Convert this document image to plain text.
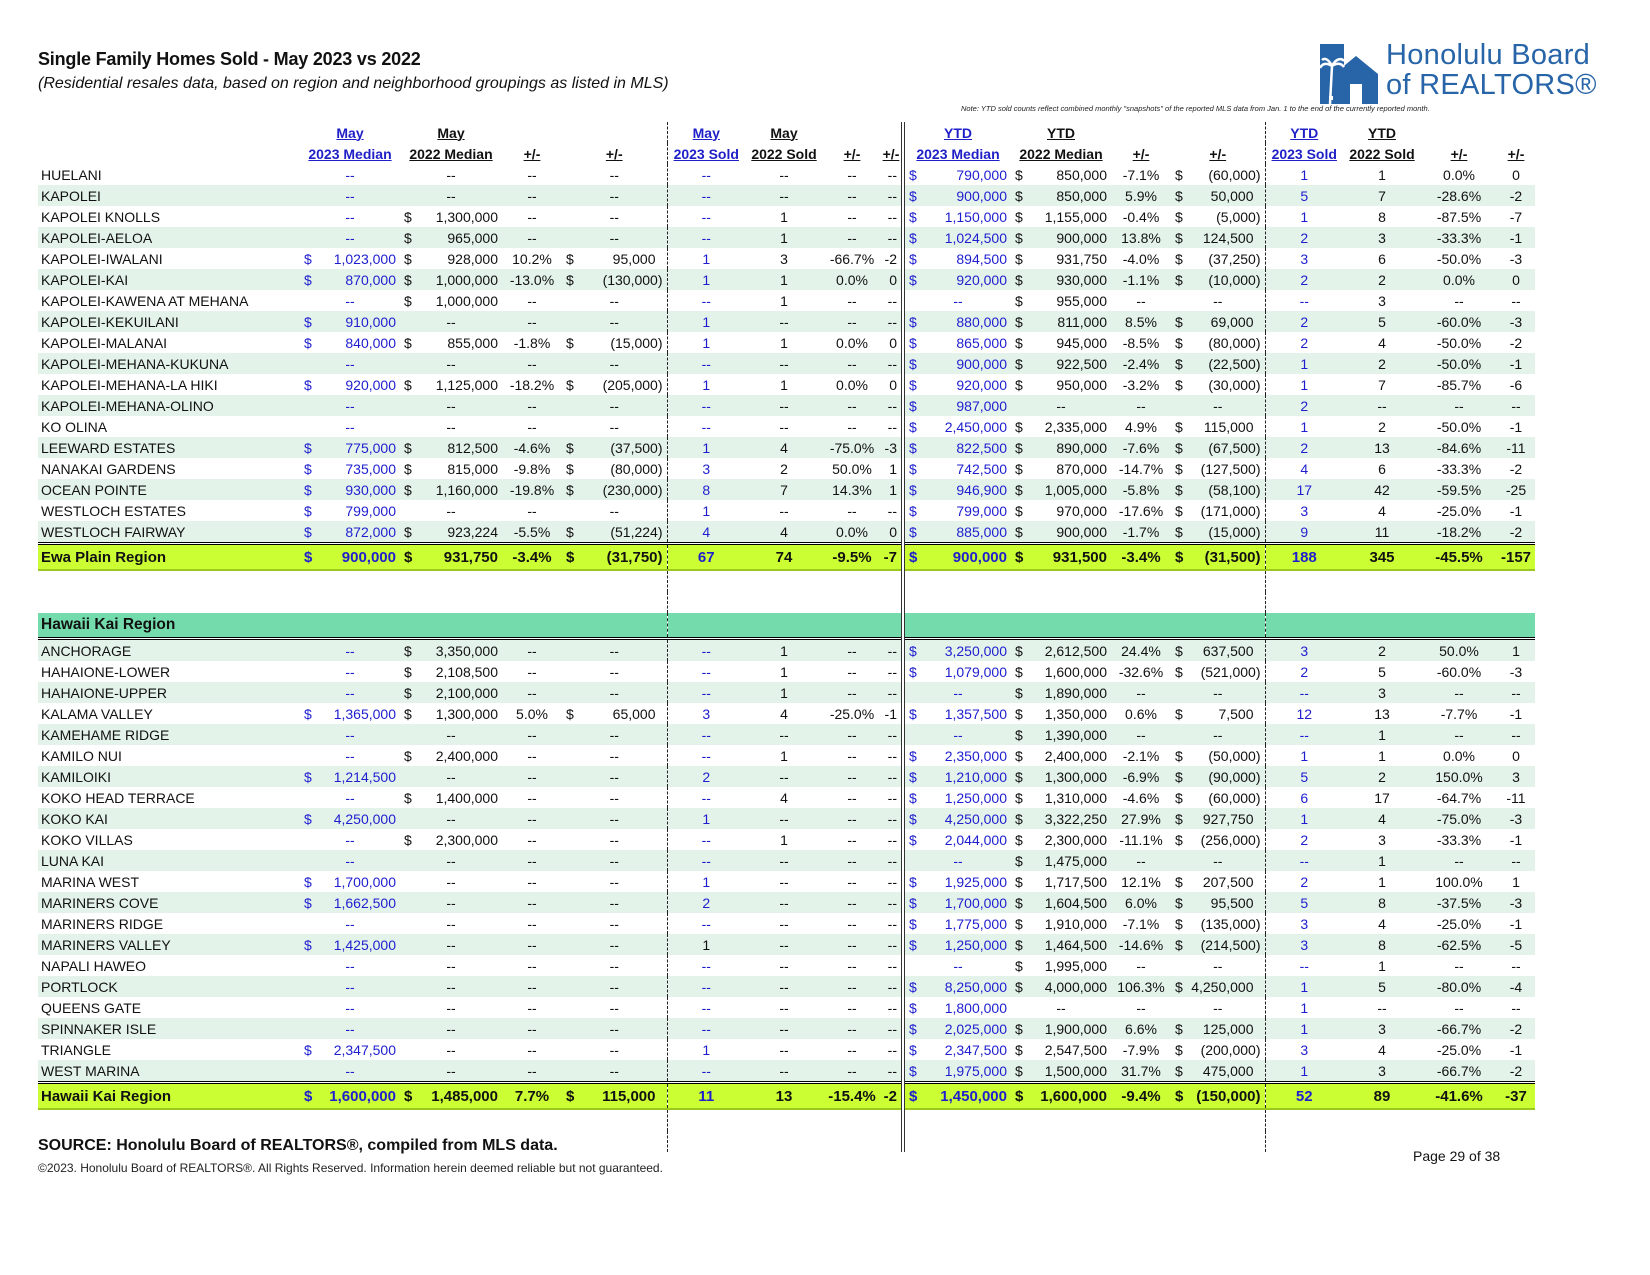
Single Family Homes Sold - May 2023 vs 2022
(Residential resales data, based on region and neighborhood groupings as listed in MLS)
Honolulu Board
of REALTORS®
Note: YTD sold counts reflect combined monthly "snapshots" of the reported MLS data from Jan. 1 to the end of the currently reported month.
	May	May			May	May			YTD	YTD			YTD	YTD		
	2023 Median	2022 Median	+/-	+/-	2023 Sold	2022 Sold	+/-	+/-	2023 Median	2022 Median	+/-	+/-	2023 Sold	2022 Sold	+/-	+/-
HUELANI	--	--	--	--	--	--	--	--	$ 790,000	$ 850,000	-7.1%	$ (60,000)	1	1	0.0%	0
KAPOLEI	--	--	--	--	--	--	--	--	$ 900,000	$ 850,000	5.9%	$ 50,000	5	7	-28.6%	-2
KAPOLEI KNOLLS	--	$ 1,300,000	--	--	--	1	--	--	$ 1,150,000	$ 1,155,000	-0.4%	$ (5,000)	1	8	-87.5%	-7
KAPOLEI-AELOA	--	$ 965,000	--	--	--	1	--	--	$ 1,024,500	$ 900,000	13.8%	$ 124,500	2	3	-33.3%	-1
KAPOLEI-IWALANI	$ 1,023,000	$ 928,000	10.2%	$ 95,000	1	3	-66.7%	-2	$ 894,500	$ 931,750	-4.0%	$ (37,250)	3	6	-50.0%	-3
KAPOLEI-KAI	$ 870,000	$ 1,000,000	-13.0%	$ (130,000)	1	1	0.0%	0	$ 920,000	$ 930,000	-1.1%	$ (10,000)	2	2	0.0%	0
KAPOLEI-KAWENA AT MEHANA	--	$ 1,000,000	--	--	--	1	--	--	--	$ 955,000	--	--	--	3	--	--
KAPOLEI-KEKUILANI	$ 910,000	--	--	--	1	--	--	--	$ 880,000	$ 811,000	8.5%	$ 69,000	2	5	-60.0%	-3
KAPOLEI-MALANAI	$ 840,000	$ 855,000	-1.8%	$ (15,000)	1	1	0.0%	0	$ 865,000	$ 945,000	-8.5%	$ (80,000)	2	4	-50.0%	-2
KAPOLEI-MEHANA-KUKUNA	--	--	--	--	--	--	--	--	$ 900,000	$ 922,500	-2.4%	$ (22,500)	1	2	-50.0%	-1
KAPOLEI-MEHANA-LA HIKI	$ 920,000	$ 1,125,000	-18.2%	$ (205,000)	1	1	0.0%	0	$ 920,000	$ 950,000	-3.2%	$ (30,000)	1	7	-85.7%	-6
KAPOLEI-MEHANA-OLINO	--	--	--	--	--	--	--	--	$ 987,000	--	--	--	2	--	--	--
KO OLINA	--	--	--	--	--	--	--	--	$ 2,450,000	$ 2,335,000	4.9%	$ 115,000	1	2	-50.0%	-1
LEEWARD ESTATES	$ 775,000	$ 812,500	-4.6%	$ (37,500)	1	4	-75.0%	-3	$ 822,500	$ 890,000	-7.6%	$ (67,500)	2	13	-84.6%	-11
NANAKAI GARDENS	$ 735,000	$ 815,000	-9.8%	$ (80,000)	3	2	50.0%	1	$ 742,500	$ 870,000	-14.7%	$ (127,500)	4	6	-33.3%	-2
OCEAN POINTE	$ 930,000	$ 1,160,000	-19.8%	$ (230,000)	8	7	14.3%	1	$ 946,900	$ 1,005,000	-5.8%	$ (58,100)	17	42	-59.5%	-25
WESTLOCH ESTATES	$ 799,000	--	--	--	1	--	--	--	$ 799,000	$ 970,000	-17.6%	$ (171,000)	3	4	-25.0%	-1
WESTLOCH FAIRWAY	$ 872,000	$ 923,224	-5.5%	$ (51,224)	4	4	0.0%	0	$ 885,000	$ 900,000	-1.7%	$ (15,000)	9	11	-18.2%	-2
Ewa Plain Region	$ 900,000	$ 931,750	-3.4%	$ (31,750)	67	74	-9.5%	-7	$ 900,000	$ 931,500	-3.4%	$ (31,500)	188	345	-45.5%	-157

Hawaii Kai Region																
ANCHORAGE	--	$ 3,350,000	--	--	--	1	--	--	$ 3,250,000	$ 2,612,500	24.4%	$ 637,500	3	2	50.0%	1
HAHAIONE-LOWER	--	$ 2,108,500	--	--	--	1	--	--	$ 1,079,000	$ 1,600,000	-32.6%	$ (521,000)	2	5	-60.0%	-3
HAHAIONE-UPPER	--	$ 2,100,000	--	--	--	1	--	--	--	$ 1,890,000	--	--	--	3	--	--
KALAMA VALLEY	$ 1,365,000	$ 1,300,000	5.0%	$ 65,000	3	4	-25.0%	-1	$ 1,357,500	$ 1,350,000	0.6%	$ 7,500	12	13	-7.7%	-1
KAMEHAME RIDGE	--	--	--	--	--	--	--	--	--	$ 1,390,000	--	--	--	1	--	--
KAMILO NUI	--	$ 2,400,000	--	--	--	1	--	--	$ 2,350,000	$ 2,400,000	-2.1%	$ (50,000)	1	1	0.0%	0
KAMILOIKI	$ 1,214,500	--	--	--	2	--	--	--	$ 1,210,000	$ 1,300,000	-6.9%	$ (90,000)	5	2	150.0%	3
KOKO HEAD TERRACE	--	$ 1,400,000	--	--	--	4	--	--	$ 1,250,000	$ 1,310,000	-4.6%	$ (60,000)	6	17	-64.7%	-11
KOKO KAI	$ 4,250,000	--	--	--	1	--	--	--	$ 4,250,000	$ 3,322,250	27.9%	$ 927,750	1	4	-75.0%	-3
KOKO VILLAS	--	$ 2,300,000	--	--	--	1	--	--	$ 2,044,000	$ 2,300,000	-11.1%	$ (256,000)	2	3	-33.3%	-1
LUNA KAI	--	--	--	--	--	--	--	--	--	$ 1,475,000	--	--	--	1	--	--
MARINA WEST	$ 1,700,000	--	--	--	1	--	--	--	$ 1,925,000	$ 1,717,500	12.1%	$ 207,500	2	1	100.0%	1
MARINERS COVE	$ 1,662,500	--	--	--	2	--	--	--	$ 1,700,000	$ 1,604,500	6.0%	$ 95,500	5	8	-37.5%	-3
MARINERS RIDGE	--	--	--	--	--	--	--	--	$ 1,775,000	$ 1,910,000	-7.1%	$ (135,000)	3	4	-25.0%	-1
MARINERS VALLEY	$ 1,425,000	--	--	--	1	--	--	--	$ 1,250,000	$ 1,464,500	-14.6%	$ (214,500)	3	8	-62.5%	-5
NAPALI HAWEO	--	--	--	--	--	--	--	--	--	$ 1,995,000	--	--	--	1	--	--
PORTLOCK	--	--	--	--	--	--	--	--	$ 8,250,000	$ 4,000,000	106.3%	$ 4,250,000	1	5	-80.0%	-4
QUEENS GATE	--	--	--	--	--	--	--	--	$ 1,800,000	--	--	--	1	--	--	--
SPINNAKER ISLE	--	--	--	--	--	--	--	--	$ 2,025,000	$ 1,900,000	6.6%	$ 125,000	1	3	-66.7%	-2
TRIANGLE	$ 2,347,500	--	--	--	1	--	--	--	$ 2,347,500	$ 2,547,500	-7.9%	$ (200,000)	3	4	-25.0%	-1
WEST MARINA	--	--	--	--	--	--	--	--	$ 1,975,000	$ 1,500,000	31.7%	$ 475,000	1	3	-66.7%	-2
Hawaii Kai Region	$ 1,600,000	$ 1,485,000	7.7%	$ 115,000	11	13	-15.4%	-2	$ 1,450,000	$ 1,600,000	-9.4%	$ (150,000)	52	89	-41.6%	-37

SOURCE: Honolulu Board of REALTORS®, compiled from MLS data.
©2023. Honolulu Board of REALTORS®. All Rights Reserved. Information herein deemed reliable but not guaranteed.
Page 29 of 38
